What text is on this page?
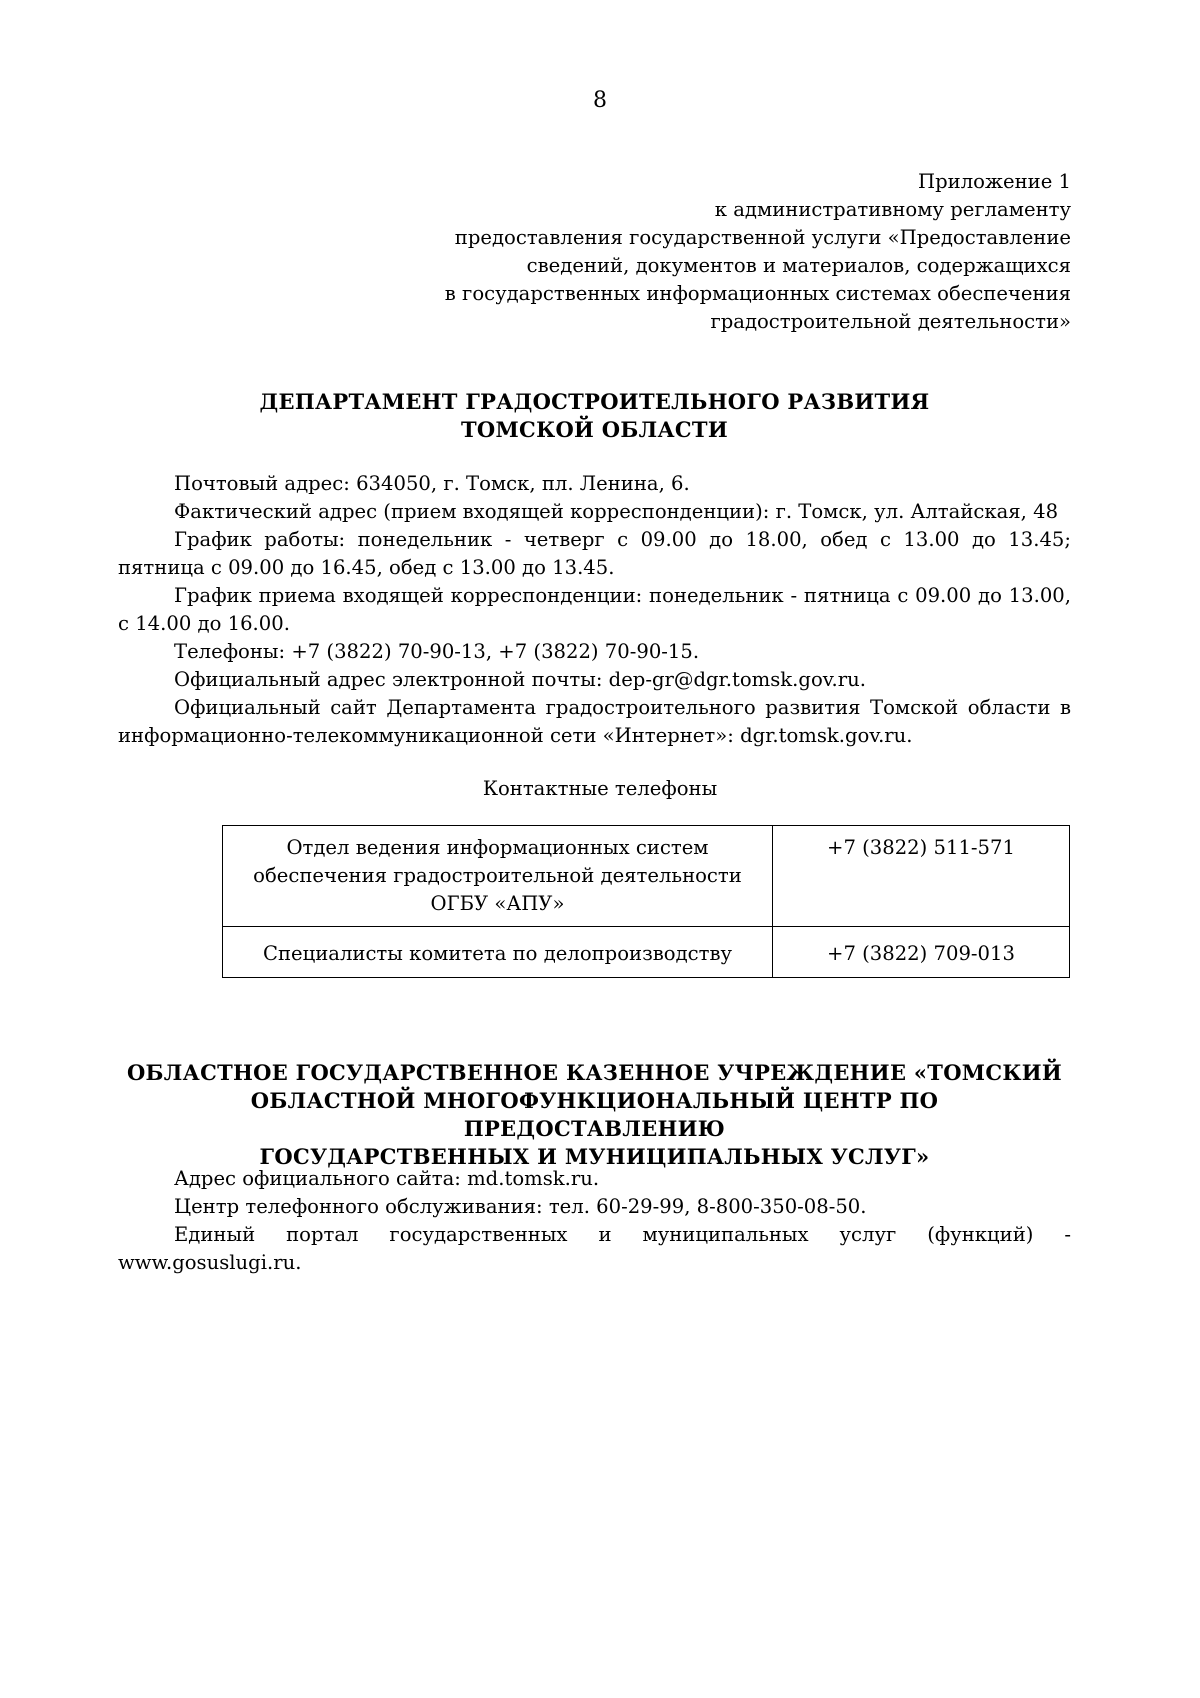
8
Приложение 1
к административному регламенту
предоставления государственной услуги «Предоставление
сведений, документов и материалов, содержащихся
в государственных информационных системах обеспечения
градостроительной деятельности»
ДЕПАРТАМЕНТ ГРАДОСТРОИТЕЛЬНОГО РАЗВИТИЯ
ТОМСКОЙ ОБЛАСТИ

Почтовый адрес: 634050, г. Томск, пл. Ленина, 6.

Фактический адрес (прием входящей корреспонденции): г. Томск, ул. Алтайская, 48

График работы: понедельник - четверг с 09.00 до 18.00, обед с 13.00 до 13.45; пятница с 09.00 до 16.45, обед с 13.00 до 13.45.

График приема входящей корреспонденции: понедельник - пятница с 09.00 до 13.00, с 14.00 до 16.00.

Телефоны: +7 (3822) 70-90-13, +7 (3822) 70-90-15.

Официальный адрес электронной почты: dep-gr@dgr.tomsk.gov.ru.

Официальный сайт Департамента градостроительного развития Томской области в информационно-телекоммуникационной сети «Интернет»: dgr.tomsk.gov.ru.

Контактные телефоны
Отдел ведения информационных систем
обеспечения градостроительной деятельности
ОГБУ «АПУ»	+7 (3822) 511-571
Специалисты комитета по делопроизводству	+7 (3822) 709-013
ОБЛАСТНОЕ ГОСУДАРСТВЕННОЕ КАЗЕННОЕ УЧРЕЖДЕНИЕ «ТОМСКИЙ
ОБЛАСТНОЙ МНОГОФУНКЦИОНАЛЬНЫЙ ЦЕНТР ПО ПРЕДОСТАВЛЕНИЮ
ГОСУДАРСТВЕННЫХ И МУНИЦИПАЛЬНЫХ УСЛУГ»

Адрес официального сайта: md.tomsk.ru.

Центр телефонного обслуживания: тел. 60-29-99, 8-800-350-08-50.

Единый портал государственных и муниципальных услуг (функций) - www.gosuslugi.ru.
